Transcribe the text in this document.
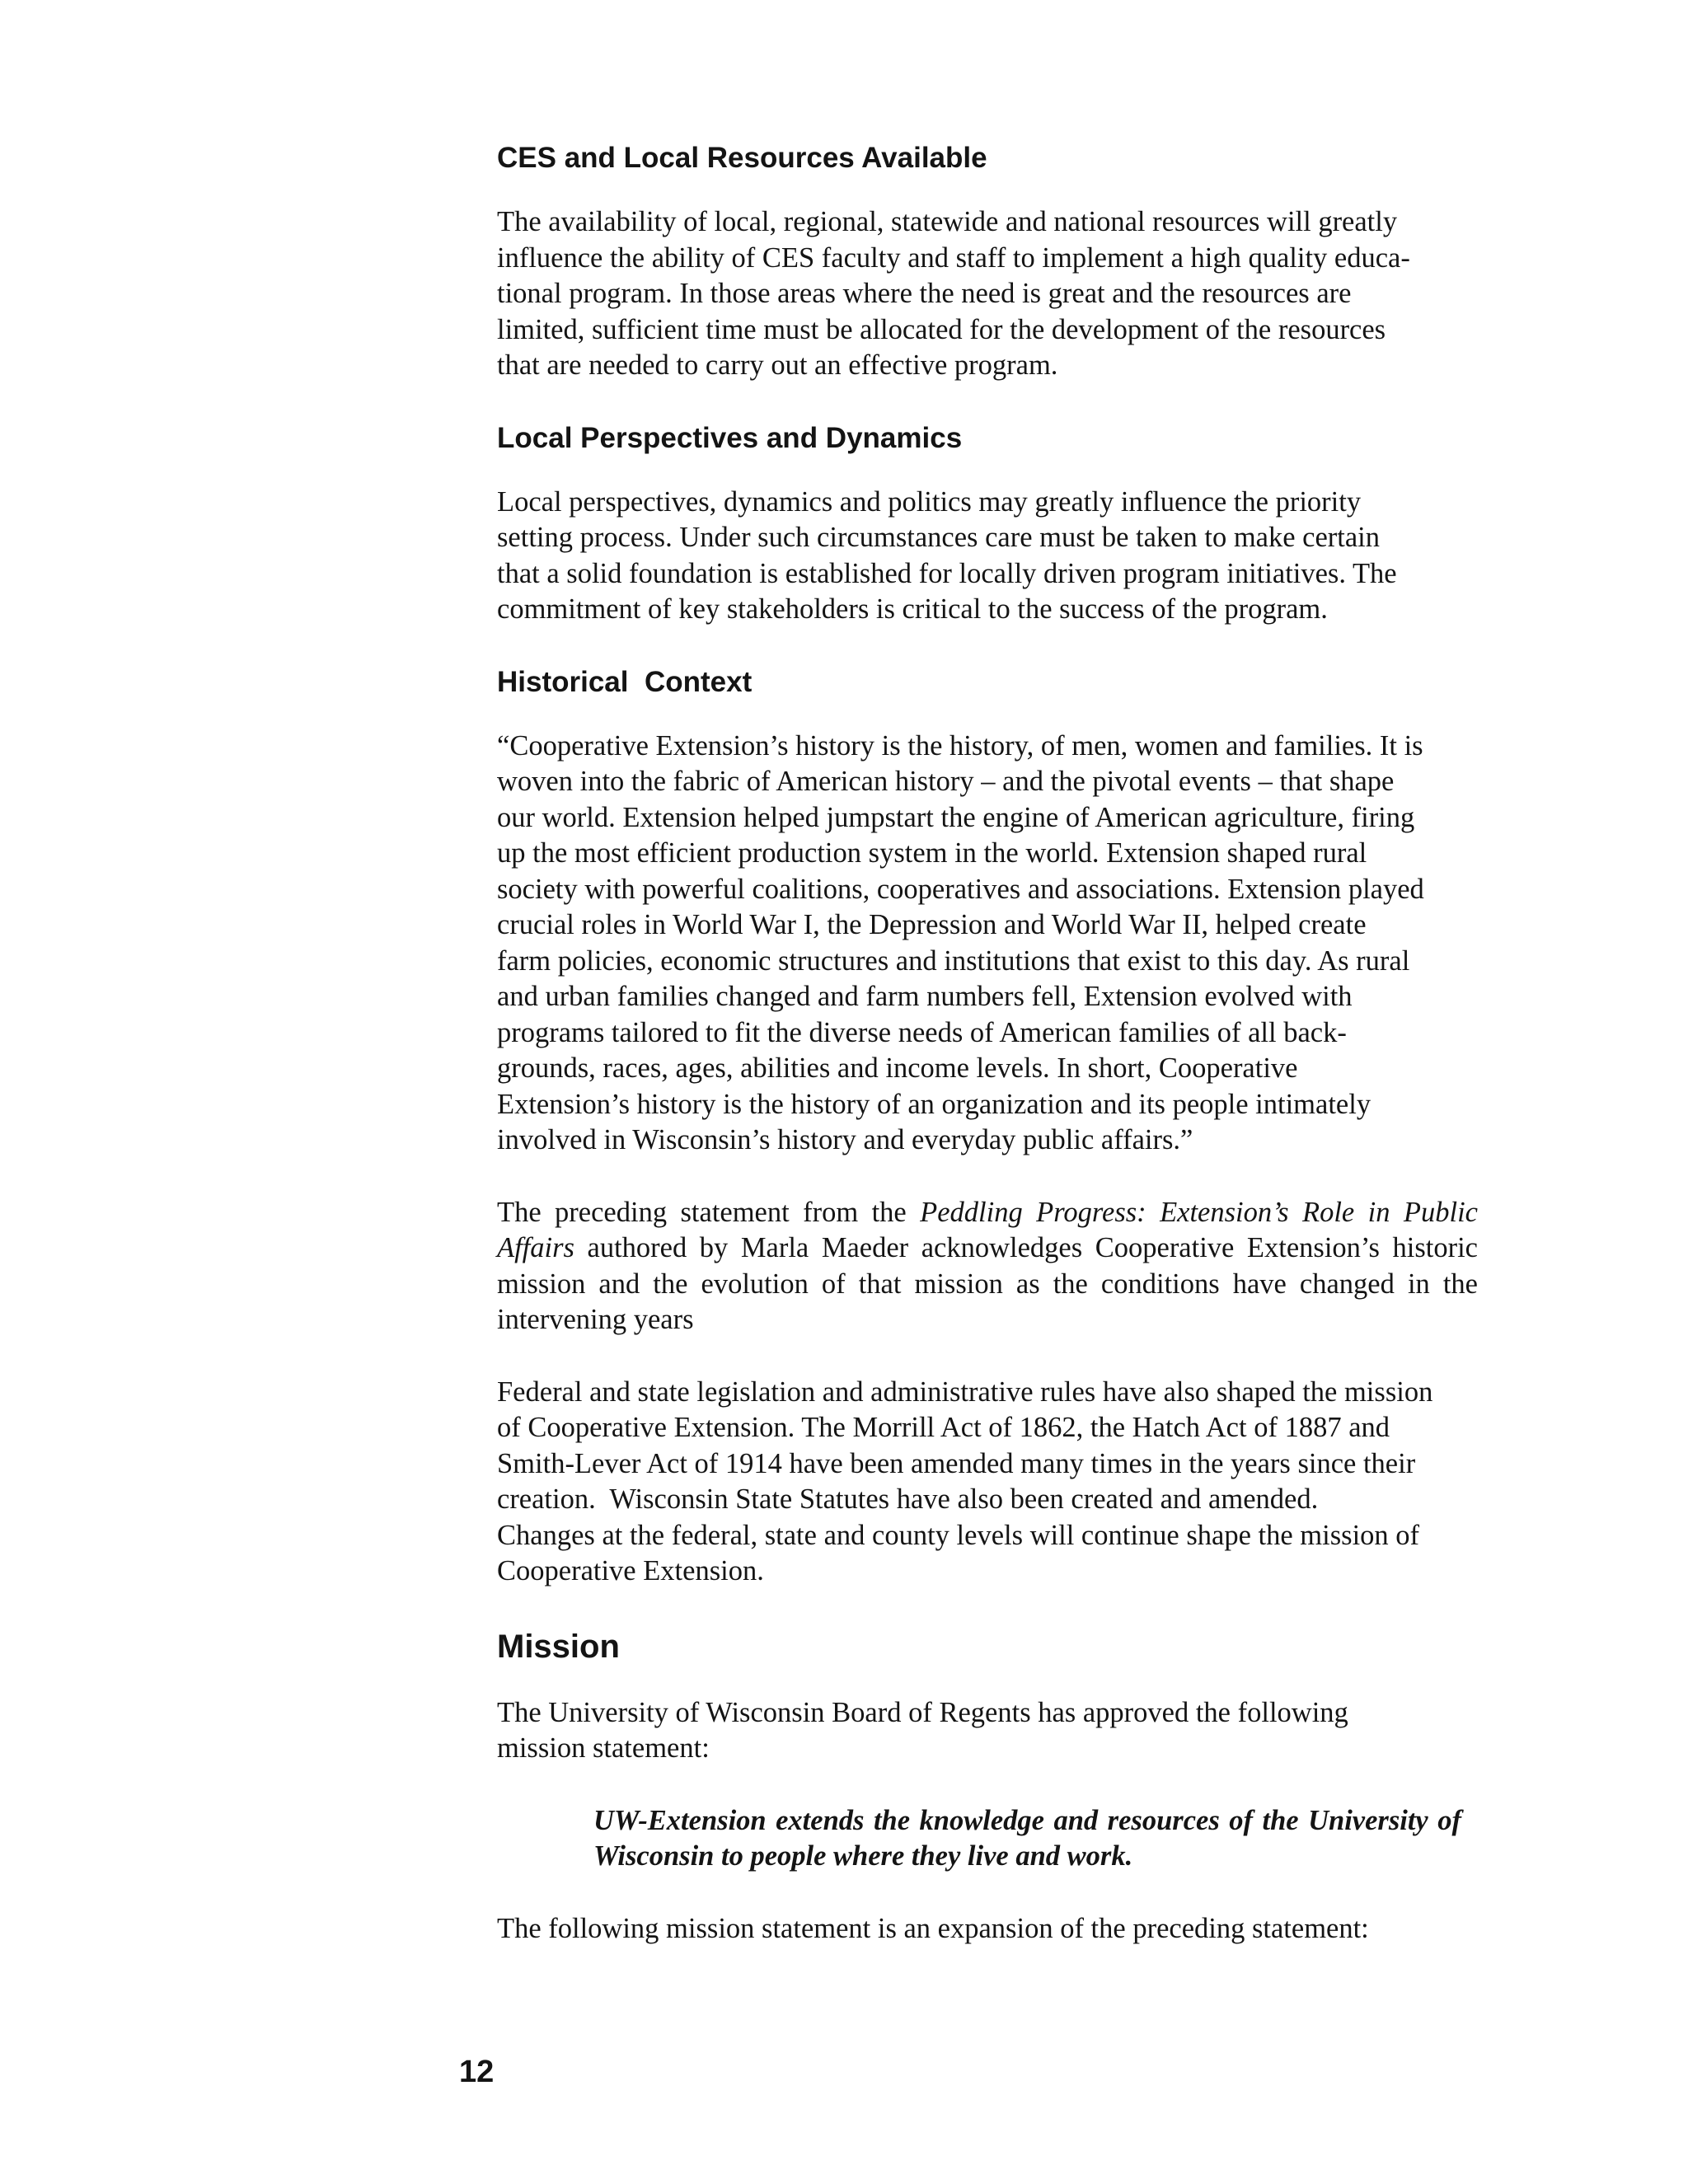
CES and Local Resources Available

The availability of local, regional, statewide and national resources will greatly
influence the ability of CES faculty and staff to implement a high quality educa-
tional program. In those areas where the need is great and the resources are
limited, sufficient time must be allocated for the development of the resources
that are needed to carry out an effective program.

Local Perspectives and Dynamics

Local perspectives, dynamics and politics may greatly influence the priority
setting process. Under such circumstances care must be taken to make certain
that a solid foundation is established for locally driven program initiatives. The
commitment of key stakeholders is critical to the success of the program.

Historical  Context

“Cooperative Extension’s history is the history, of men, women and families. It is
woven into the fabric of American history – and the pivotal events – that shape
our world. Extension helped jumpstart the engine of American agriculture, firing
up the most efficient production system in the world. Extension shaped rural
society with powerful coalitions, cooperatives and associations. Extension played
crucial roles in World War I, the Depression and World War II, helped create
farm policies, economic structures and institutions that exist to this day. As rural
and urban families changed and farm numbers fell, Extension evolved with
programs tailored to fit the diverse needs of American families of all back-
grounds, races, ages, abilities and income levels. In short, Cooperative
Extension’s history is the history of an organization and its people intimately
involved in Wisconsin’s history and everyday public affairs.”

The preceding statement from the Peddling Progress: Extension’s Role in Public Affairs authored by Marla Maeder acknowledges Cooperative Extension’s historic mission and the evolution of that mission as the conditions have changed in the intervening years

Federal and state legislation and administrative rules have also shaped the mission
of Cooperative Extension. The Morrill Act of 1862, the Hatch Act of 1887 and
Smith-Lever Act of 1914 have been amended many times in the years since their
creation.  Wisconsin State Statutes have also been created and amended.
Changes at the federal, state and county levels will continue shape the mission of
Cooperative Extension.

Mission

The University of Wisconsin Board of Regents has approved the following
mission statement:

UW-Extension extends the knowledge and resources of the University of Wisconsin to people where they live and work.

The following mission statement is an expansion of the preceding statement:

12
